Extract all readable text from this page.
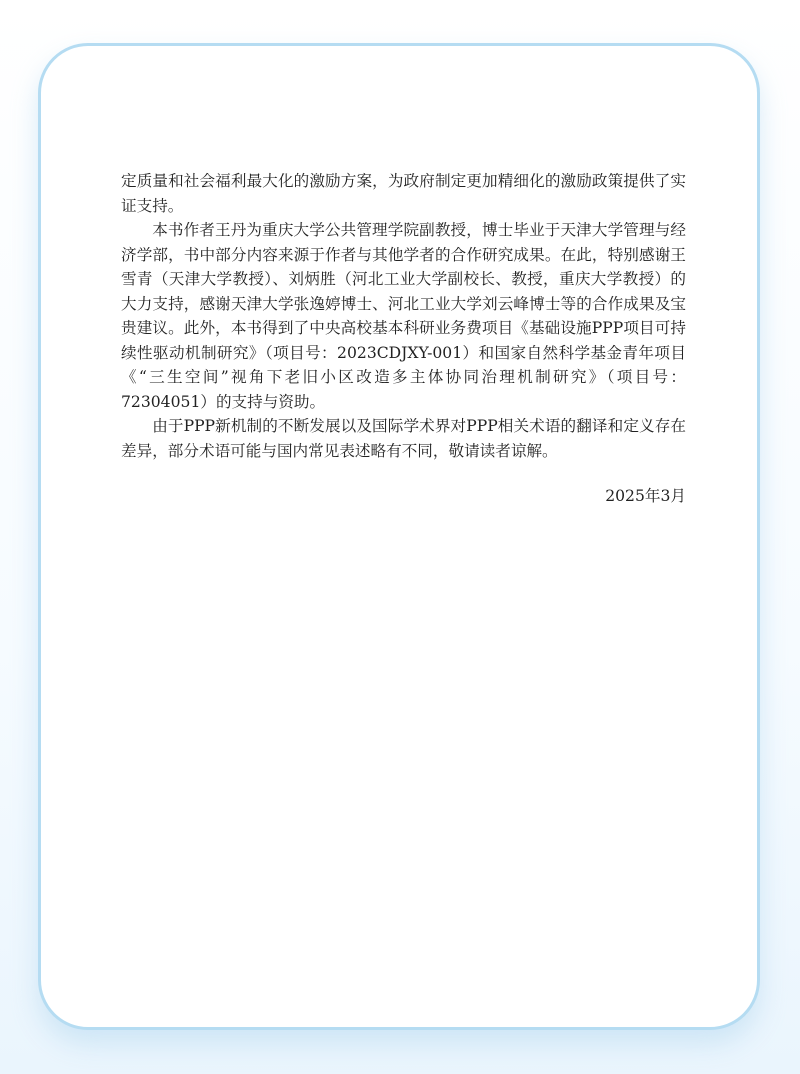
定质量和社会福利最大化的激励方案，为政府制定更加精细化的激励政策提供了实证支持。

本书作者王丹为重庆大学公共管理学院副教授，博士毕业于天津大学管理与经济学部，书中部分内容来源于作者与其他学者的合作研究成果。在此，特别感谢王雪青（天津大学教授）、刘炳胜（河北工业大学副校长、教授，重庆大学教授）的大力支持，感谢天津大学张逸婷博士、河北工业大学刘云峰博士等的合作成果及宝贵建议。此外，本书得到了中央高校基本科研业务费项目《基础设施PPP项目可持续性驱动机制研究》（项目号：2023CDJXY-001）和国家自然科学基金青年项目《“三生空间”视角下老旧小区改造多主体协同治理机制研究》（项目号：72304051）的支持与资助。

由于PPP新机制的不断发展以及国际学术界对PPP相关术语的翻译和定义存在差异，部分术语可能与国内常见表述略有不同，敬请读者谅解。

2025年3月
